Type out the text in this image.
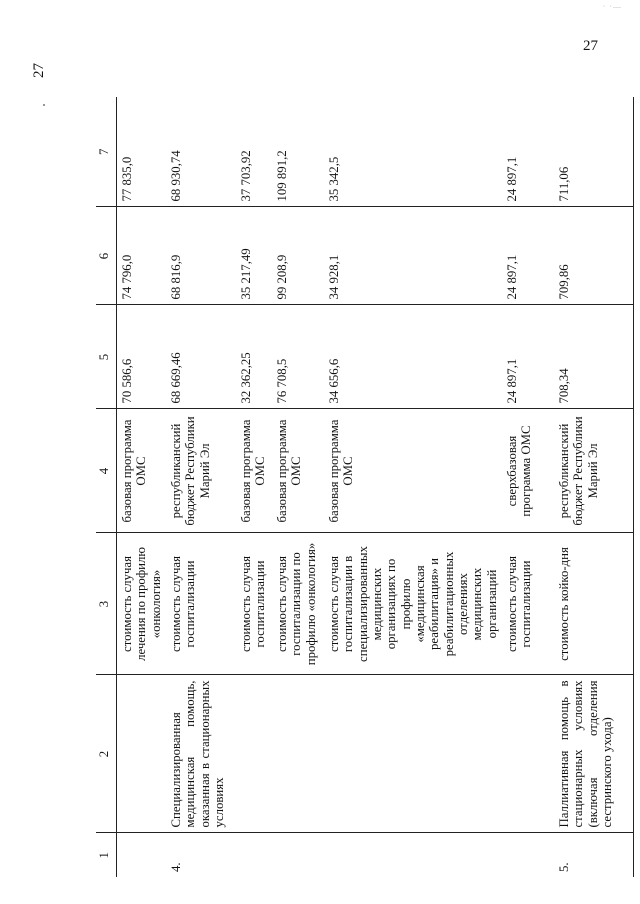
27
27
· ·—
1	2	3	4	5	6	7
		стоимость случая лечения по профилю «онкология»	базовая программа ОМС	70 586,6	74 796,0	77 835,0
4.	Специализированная медицинская помощь, оказанная в стационарных условиях	стоимость случая госпитализации	республиканский бюджет Республики Марий Эл	68 669,46	68 816,9	68 930,74
		стоимость случая госпитализации	базовая программа ОМС	32 362,25	35 217,49	37 703,92
		стоимость случая госпитализации по профилю «онкология»	базовая программа ОМС	76 708,5	99 208,9	109 891,2
		стоимость случая госпитализации в специализированных медицинских организациях по профилю «медицинская реабилитация» и реабилитационных отделениях медицинских организаций	базовая программа ОМС	34 656,6	34 928,1	35 342,5
		стоимость случая госпитализации	сверхбазовая программа ОМС	24 897,1	24 897,1	24 897,1
5.	Паллиативная помощь в стационарных условиях (включая отделения сестринского ухода)	стоимость койко-дня	республиканский бюджет Республики Марий Эл	708,34	709,86	711,06
